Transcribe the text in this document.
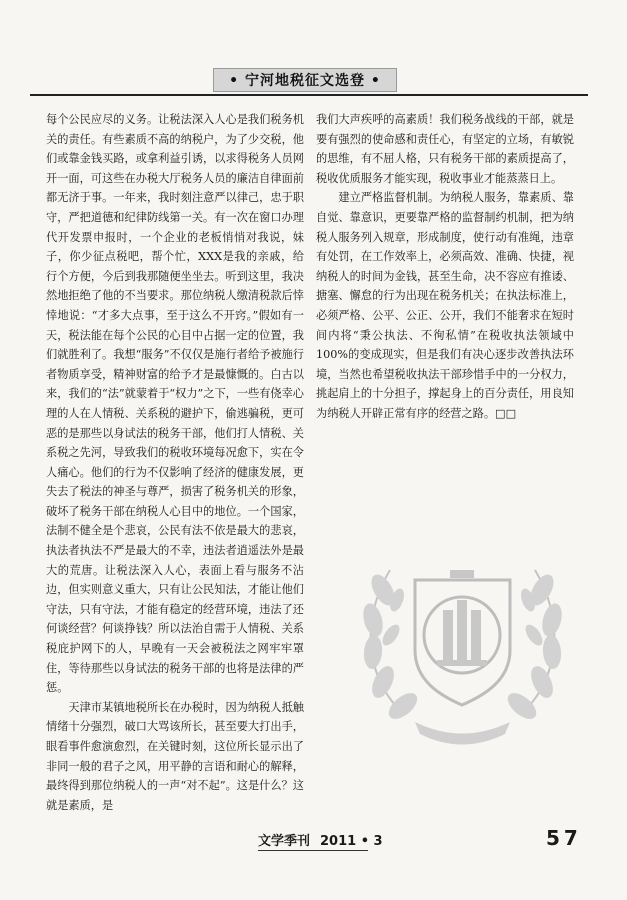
• 宁河地税征文选登 •

每个公民应尽的义务。让税法深入人心是我们税务机关的责任。有些素质不高的纳税户，为了少交税，他们或靠金钱买路，或拿利益引诱，以求得税务人员网开一面，可这些在办税大厅税务人员的廉洁自律面前都无济于事。一年来，我时刻注意严以律己，忠于职守，严把道德和纪律防线第一关。有一次在窗口办理代开发票申报时，一个企业的老板悄悄对我说，妹子，你少征点税吧，帮个忙，XXX是我的亲戚，给行个方便，今后到我那随便坐坐去。听到这里，我决然地拒绝了他的不当要求。那位纳税人缴清税款后悻悻地说：“才多大点事，至于这么不开窍。”假如有一天，税法能在每个公民的心目中占据一定的位置，我们就胜利了。我想“服务”不仅仅是施行者给予被施行者物质享受，精神财富的给予才是最慷慨的。白古以来，我们的“法”就蒙着于“权力”之下，一些有侥幸心理的人在人情税、关系税的避护下，偷逃骗税，更可恶的是那些以身试法的税务干部，他们打人情税、关系税之先河，导致我们的税收环境每况愈下，实在令人痛心。他们的行为不仅影响了经济的健康发展，更失去了税法的神圣与尊严，损害了税务机关的形象，破坏了税务干部在纳税人心目中的地位。一个国家，法制不健全是个悲哀，公民有法不依是最大的悲哀，执法者执法不严是最大的不幸，违法者逍遥法外是最大的荒唐。让税法深入人心，表面上看与服务不沾边，但实则意义重大，只有让公民知法，才能让他们守法，只有守法，才能有稳定的经营环境，违法了还何谈经营？何谈挣钱？所以法治自需于人情税、关系税庇护网下的人，早晚有一天会被税法之网牢牢罩住，等待那些以身试法的税务干部的也将是法律的严惩。

天津市某镇地税所长在办税时，因为纳税人抵触情绪十分强烈，破口大骂该所长，甚至要大打出手，眼看事件愈演愈烈，在关键时刻，这位所长显示出了非同一般的君子之风，用平静的言语和耐心的解释，最终得到那位纳税人的一声“对不起”。这是什么？这就是素质，是

我们大声疾呼的高素质！我们税务战线的干部，就是要有强烈的使命感和责任心，有坚定的立场，有敏锐的思维，有不屈人格，只有税务干部的素质提高了，税收优质服务才能实现，税收事业才能蒸蒸日上。

建立严格监督机制。为纳税人服务，靠素质、靠自觉、靠意识，更要靠严格的监督制约机制，把为纳税人服务列入规章，形成制度，使行动有准绳，违章有处罚，在工作效率上，必须高效、准确、快捷，视纳税人的时间为金钱，甚至生命，决不容应有推诿、搪塞、懈怠的行为出现在税务机关；在执法标准上，必须严格、公平、公正、公开，我们不能奢求在短时间内将“秉公执法、不徇私情”在税收执法领域中100%的变成现实，但是我们有决心逐步改善执法环境，当然也希望税收执法干部珍惜手中的一分权力，挑起肩上的十分担子，撑起身上的百分责任，用良知为纳税人开辟正常有序的经营之路。□□

文学季刊 2011 • 3	57
